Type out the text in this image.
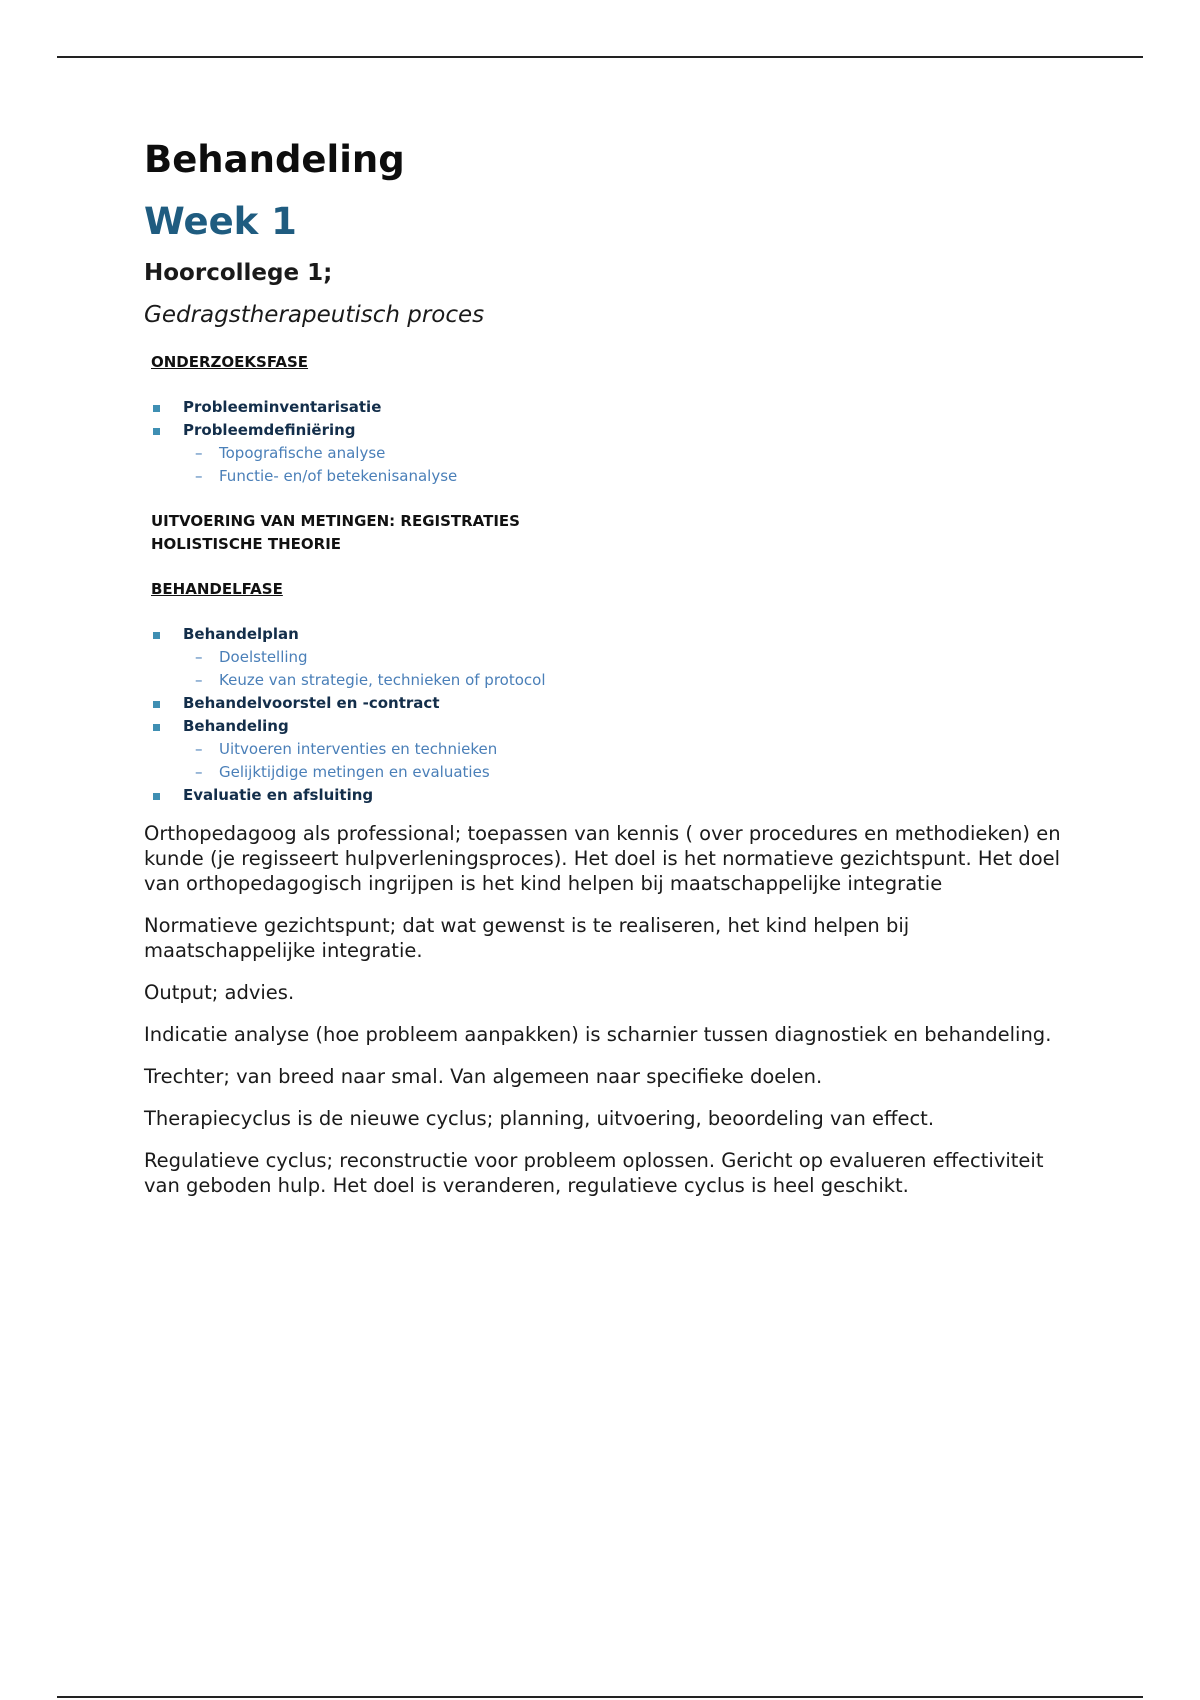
Behandeling
Week 1
Hoorcollege 1;
Gedragstherapeutisch proces
ONDERZOEKSFASE
Probleeminventarisatie
Probleemdefiniëring
– Topografische analyse
– Functie- en/of betekenisanalyse
UITVOERING VAN METINGEN: REGISTRATIES
HOLISTISCHE THEORIE
BEHANDELFASE
Behandelplan
– Doelstelling
– Keuze van strategie, technieken of protocol
Behandelvoorstel en -contract
Behandeling
– Uitvoeren interventies en technieken
– Gelijktijdige metingen en evaluaties
Evaluatie en afsluiting

Orthopedagoog als professional; toepassen van kennis ( over procedures en methodieken) en kunde (je regisseert hulpverleningsproces). Het doel is het normatieve gezichtspunt. Het doel van orthopedagogisch ingrijpen is het kind helpen bij maatschappelijke integratie

Normatieve gezichtspunt; dat wat gewenst is te realiseren, het kind helpen bij maatschappelijke integratie.

Output; advies.

Indicatie analyse (hoe probleem aanpakken) is scharnier tussen diagnostiek en behandeling.

Trechter; van breed naar smal. Van algemeen naar specifieke doelen.

Therapiecyclus is de nieuwe cyclus; planning, uitvoering, beoordeling van effect.

Regulatieve cyclus; reconstructie voor probleem oplossen. Gericht op evalueren effectiviteit van geboden hulp. Het doel is veranderen, regulatieve cyclus is heel geschikt.
